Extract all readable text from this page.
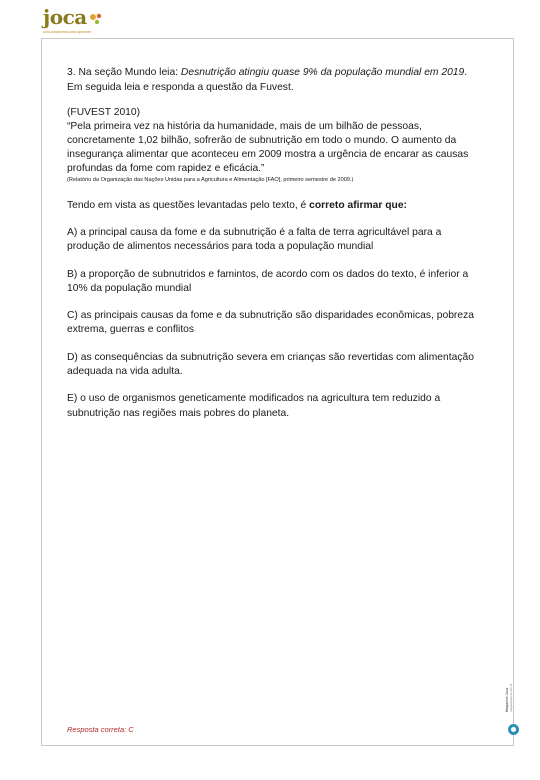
joca
uma plataforma para aprender

3. Na seção Mundo leia: Desnutrição atingiu quase 9% da população mundial em 2019. Em seguida leia e responda a questão da Fuvest.

(FUVEST 2010)
“Pela primeira vez na história da humanidade, mais de um bilhão de pessoas, concretamente 1,02 bilhão, sofrerão de subnutrição em todo o mundo. O aumento da insegurança alimentar que aconteceu em 2009 mostra a urgência de encarar as causas profundas da fome com rapidez e eficácia.”
(Relatório da Organização das Nações Unidas para a Agricultura e Alimentação [FAO], primeiro semestre de 2009.)
Tendo em vista as questões levantadas pelo texto, é correto afirmar que:
A) a principal causa da fome e da subnutrição é a falta de terra agricultável para a produção de alimentos necessários para toda a população mundial
B) a proporção de subnutridos e famintos, de acordo com os dados do texto, é inferior a 10% da população mundial
C) as principais causas da fome e da subnutrição são disparidades econômicas, pobreza extrema, guerras e conflitos
D) as consequências da subnutrição severa em crianças são revertidas com alimentação adequada na vida adulta.
E) o uso de organismos geneticamente modificados na agricultura tem reduzido a subnutrição nas regiões mais pobres do planeta.
Resposta correta: C
Magazine Joca magazinejoca.com.br
